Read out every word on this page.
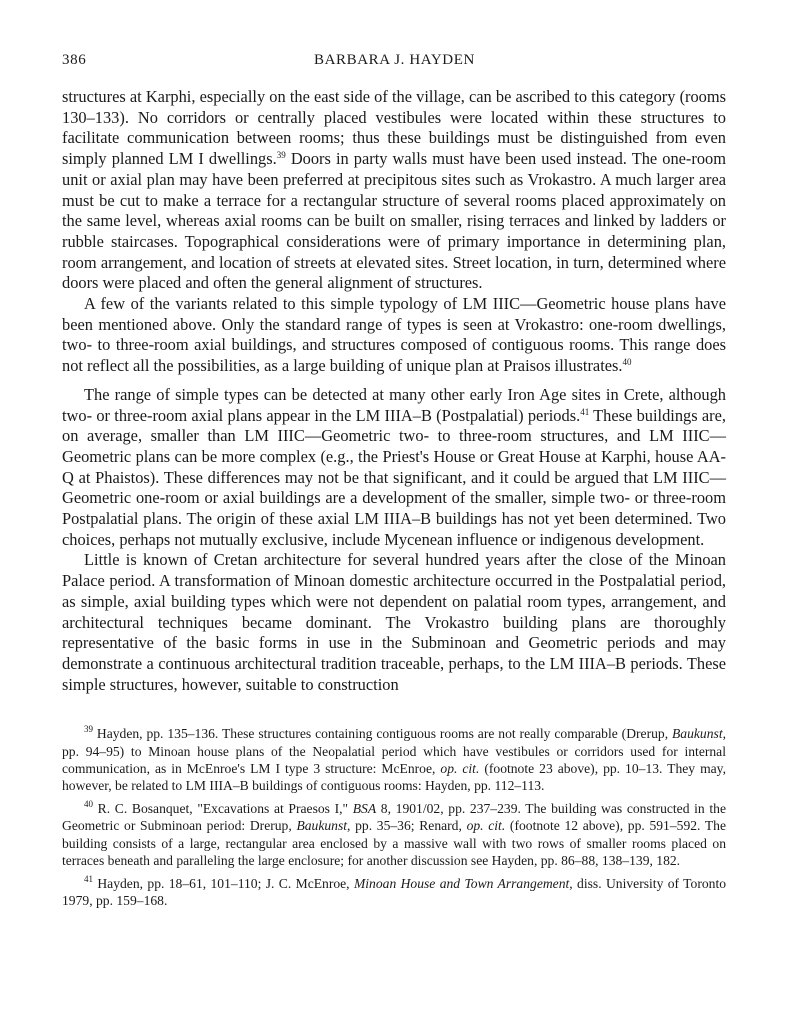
386	BARBARA J. HAYDEN

structures at Karphi, especially on the east side of the village, can be ascribed to this category (rooms 130–133). No corridors or centrally placed vestibules were located within these structures to facilitate communication between rooms; thus these buildings must be distinguished from even simply planned LM I dwellings.$^{39}$ Doors in party walls must have been used instead. The one-room unit or axial plan may have been preferred at precipitous sites such as Vrokastro. A much larger area must be cut to make a terrace for a rectangular structure of several rooms placed approximately on the same level, whereas axial rooms can be built on smaller, rising terraces and linked by ladders or rubble staircases. Topographical considerations were of primary importance in determining plan, room arrangement, and location of streets at elevated sites. Street location, in turn, determined where doors were placed and often the general alignment of structures.

A few of the variants related to this simple typology of LM IIIC—Geometric house plans have been mentioned above. Only the standard range of types is seen at Vrokastro: one-room dwellings, two- to three-room axial buildings, and structures composed of contiguous rooms. This range does not reflect all the possibilities, as a large building of unique plan at Praisos illustrates.$^{40}$

The range of simple types can be detected at many other early Iron Age sites in Crete, although two- or three-room axial plans appear in the LM IIIA–B (Postpalatial) periods.$^{41}$ These buildings are, on average, smaller than LM IIIC—Geometric two- to three-room structures, and LM IIIC—Geometric plans can be more complex (e.g., the Priest's House or Great House at Karphi, house AA-Q at Phaistos). These differences may not be that significant, and it could be argued that LM IIIC—Geometric one-room or axial buildings are a development of the smaller, simple two- or three-room Postpalatial plans. The origin of these axial LM IIIA–B buildings has not yet been determined. Two choices, perhaps not mutually exclusive, include Mycenean influence or indigenous development.

Little is known of Cretan architecture for several hundred years after the close of the Minoan Palace period. A transformation of Minoan domestic architecture occurred in the Postpalatial period, as simple, axial building types which were not dependent on palatial room types, arrangement, and architectural techniques became dominant. The Vrokastro building plans are thoroughly representative of the basic forms in use in the Subminoan and Geometric periods and may demonstrate a continuous architectural tradition traceable, perhaps, to the LM IIIA–B periods. These simple structures, however, suitable to construction

$^{39}$ Hayden, pp. 135–136. These structures containing contiguous rooms are not really comparable (Drerup, Baukunst, pp. 94–95) to Minoan house plans of the Neopalatial period which have vestibules or corridors used for internal communication, as in McEnroe's LM I type 3 structure: McEnroe, op. cit. (footnote 23 above), pp. 10–13. They may, however, be related to LM IIIA–B buildings of contiguous rooms: Hayden, pp. 112–113.

$^{40}$ R. C. Bosanquet, "Excavations at Praesos I," BSA 8, 1901/02, pp. 237–239. The building was constructed in the Geometric or Subminoan period: Drerup, Baukunst, pp. 35–36; Renard, op. cit. (footnote 12 above), pp. 591–592. The building consists of a large, rectangular area enclosed by a massive wall with two rows of smaller rooms placed on terraces beneath and paralleling the large enclosure; for another discussion see Hayden, pp. 86–88, 138–139, 182.

$^{41}$ Hayden, pp. 18–61, 101–110; J. C. McEnroe, Minoan House and Town Arrangement, diss. University of Toronto 1979, pp. 159–168.
